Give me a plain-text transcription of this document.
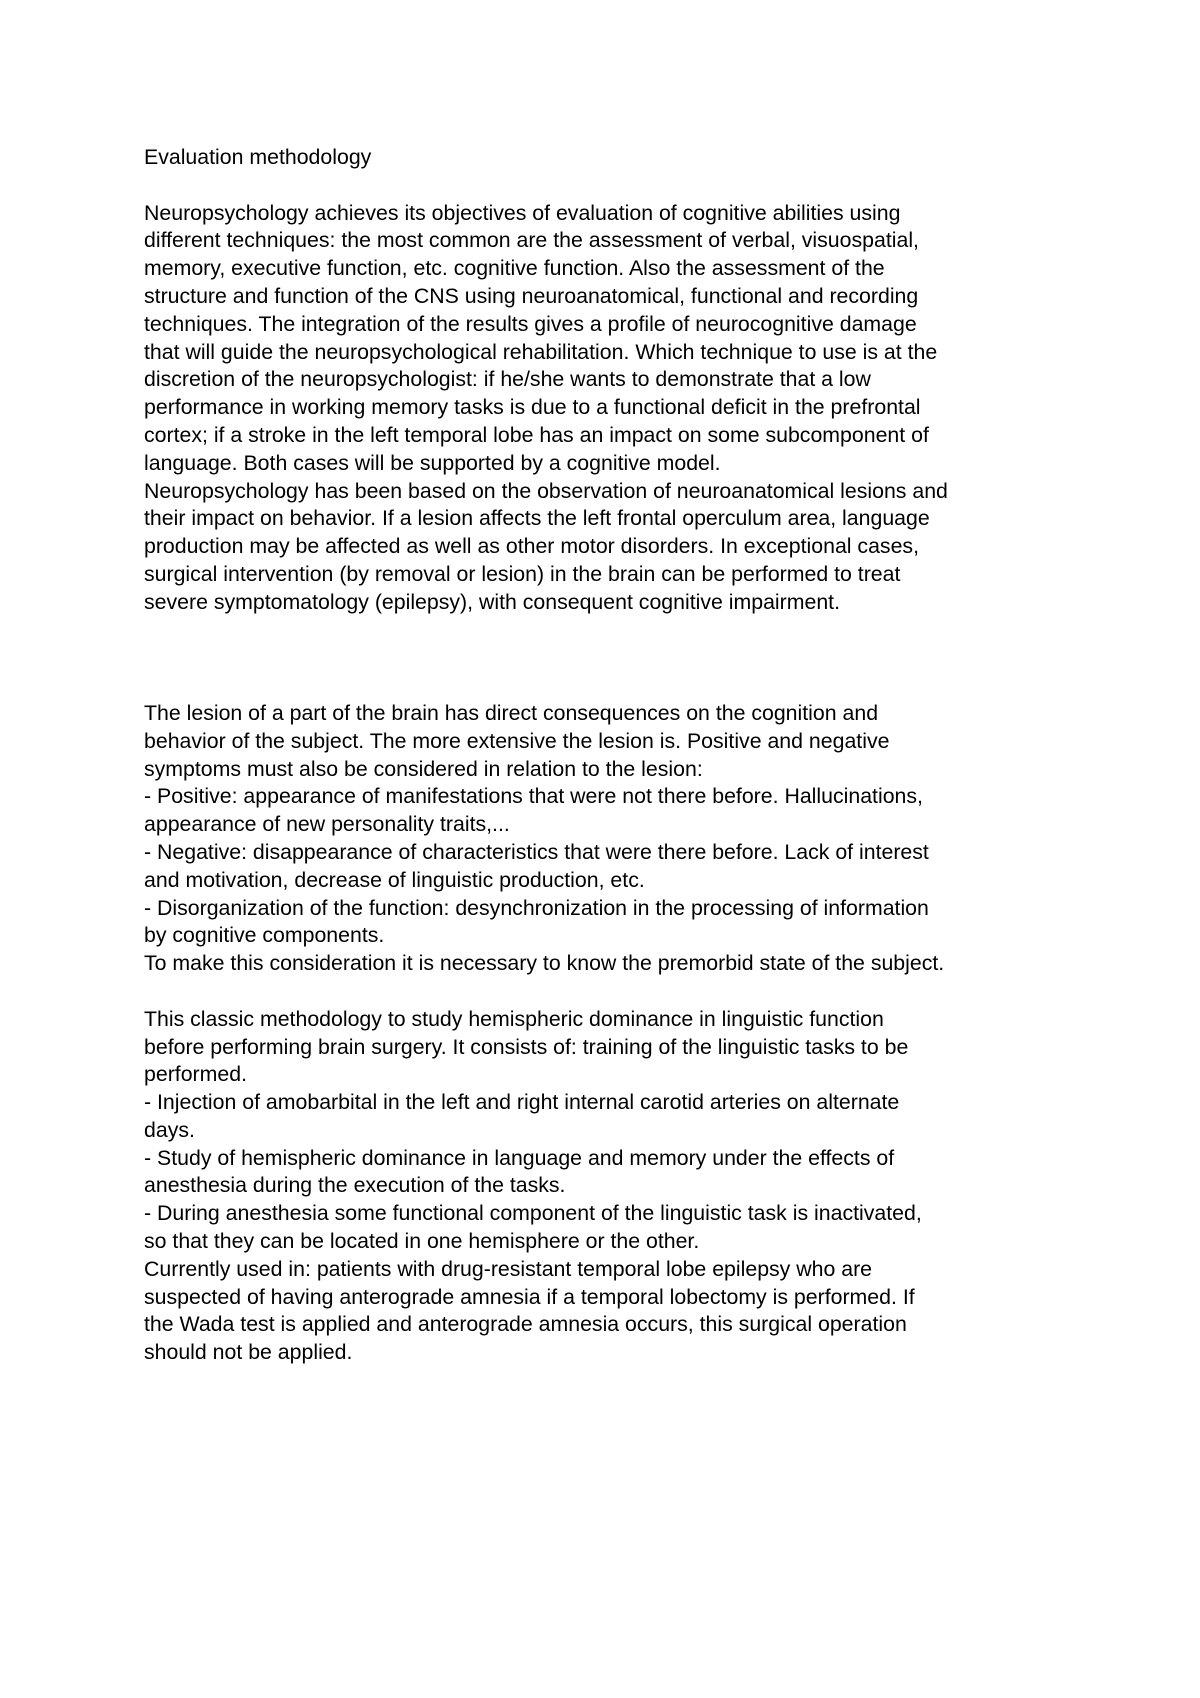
Evaluation methodology
Neuropsychology achieves its objectives of evaluation of cognitive abilities using
different techniques: the most common are the assessment of verbal, visuospatial,
memory, executive function, etc. cognitive function. Also the assessment of the
structure and function of the CNS using neuroanatomical, functional and recording
techniques. The integration of the results gives a profile of neurocognitive damage
that will guide the neuropsychological rehabilitation. Which technique to use is at the
discretion of the neuropsychologist: if he/she wants to demonstrate that a low
performance in working memory tasks is due to a functional deficit in the prefrontal
cortex; if a stroke in the left temporal lobe has an impact on some subcomponent of
language. Both cases will be supported by a cognitive model.
Neuropsychology has been based on the observation of neuroanatomical lesions and
their impact on behavior. If a lesion affects the left frontal operculum area, language
production may be affected as well as other motor disorders. In exceptional cases,
surgical intervention (by removal or lesion) in the brain can be performed to treat
severe symptomatology (epilepsy), with consequent cognitive impairment.
The lesion of a part of the brain has direct consequences on the cognition and
behavior of the subject. The more extensive the lesion is. Positive and negative
symptoms must also be considered in relation to the lesion:
- Positive: appearance of manifestations that were not there before. Hallucinations,
appearance of new personality traits,...
- Negative: disappearance of characteristics that were there before. Lack of interest
and motivation, decrease of linguistic production, etc.
- Disorganization of the function: desynchronization in the processing of information
by cognitive components.
To make this consideration it is necessary to know the premorbid state of the subject.
This classic methodology to study hemispheric dominance in linguistic function
before performing brain surgery. It consists of: training of the linguistic tasks to be
performed.
- Injection of amobarbital in the left and right internal carotid arteries on alternate
days.
- Study of hemispheric dominance in language and memory under the effects of
anesthesia during the execution of the tasks.
- During anesthesia some functional component of the linguistic task is inactivated,
so that they can be located in one hemisphere or the other.
Currently used in: patients with drug-resistant temporal lobe epilepsy who are
suspected of having anterograde amnesia if a temporal lobectomy is performed. If
the Wada test is applied and anterograde amnesia occurs, this surgical operation
should not be applied.
